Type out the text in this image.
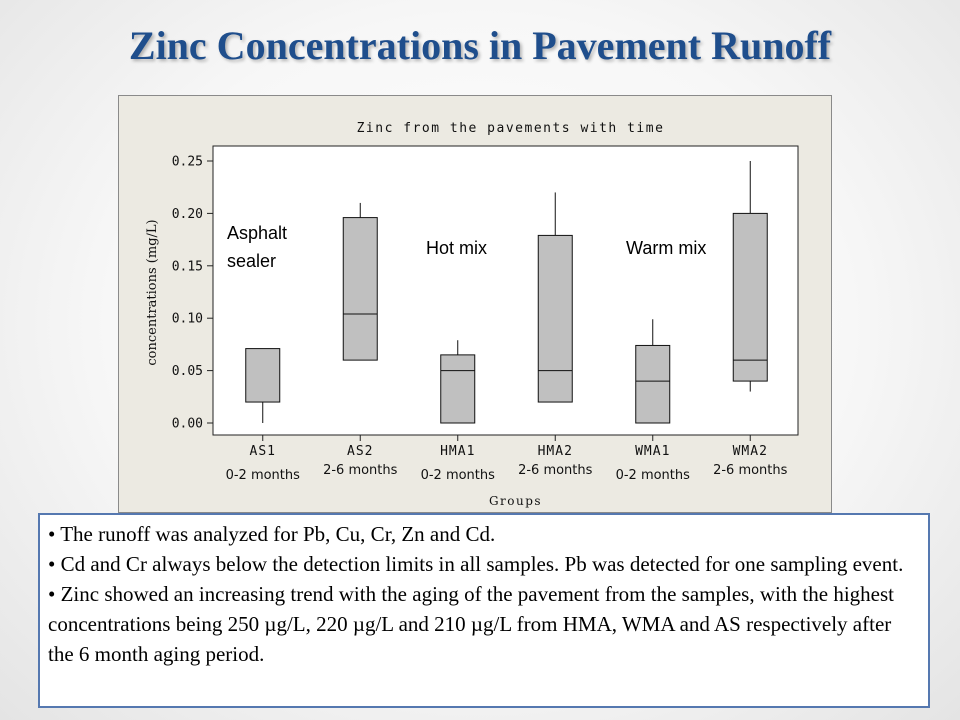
Zinc Concentrations in Pavement Runoff
Zinc from the pavements with time
0.00
0.05
0.10
0.15
0.20
0.25
concentrations (mg/L)
Groups
AS1
0-2 months
AS2
2-6 months
HMA1
0-2 months
HMA2
2-6 months
WMA1
0-2 months
WMA2
2-6 months
Asphalt
sealer
Hot mix	Warm mix

• The runoff was analyzed for Pb, Cu, Cr, Zn and Cd.

• Cd and Cr always below the detection limits in all samples. Pb was detected for one sampling event.

• Zinc showed an increasing trend with the aging of the pavement from the samples, with the highest concentrations being 250 µg/L, 220 µg/L and 210 µg/L from HMA, WMA and AS respectively after the 6 month aging period.
